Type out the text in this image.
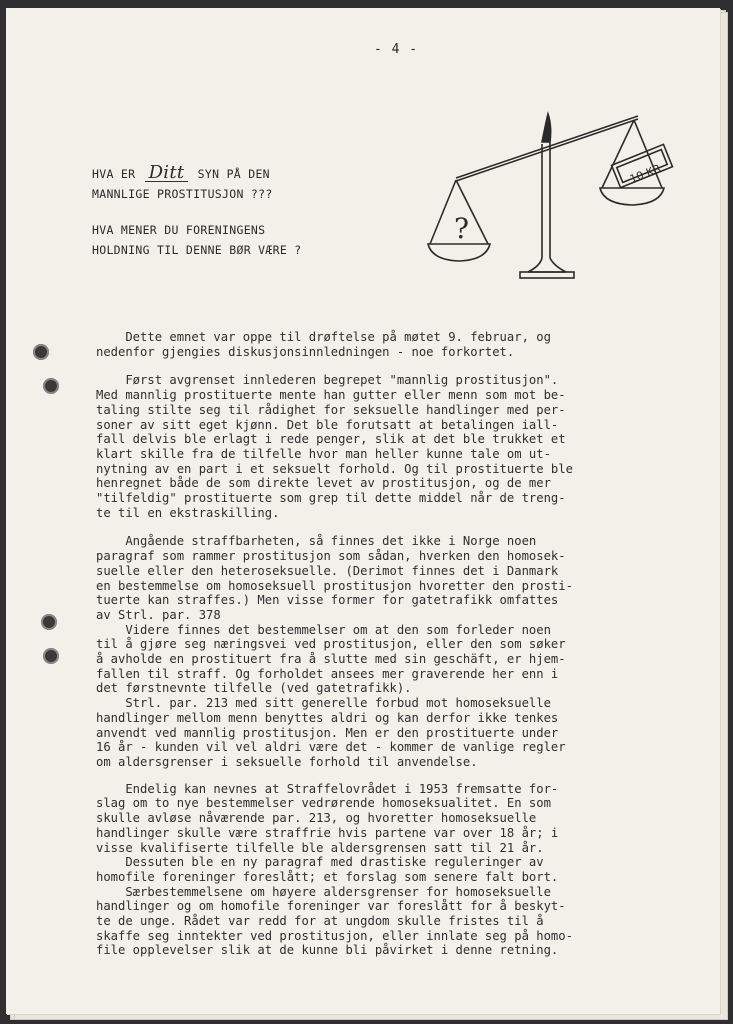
- 4 -
HVA ER Ditt SYN PÅ DEN
MANNLIGE PROSTITUSJON ???
HVA MENER DU FORENINGENS
HOLDNING TIL DENNE BØR VÆRE ?
?
10 KR

Dette emnet var oppe til drøftelse på møtet 9. februar, og
nedenfor gjengies diskusjonsinnledningen - noe forkortet.

Først avgrenset innlederen begrepet "mannlig prostitusjon".
Med mannlig prostituerte mente han gutter eller menn som mot be-
taling stilte seg til rådighet for seksuelle handlinger med per-
soner av sitt eget kjønn. Det ble forutsatt at betalingen iall-
fall delvis ble erlagt i rede penger, slik at det ble trukket et
klart skille fra de tilfelle hvor man heller kunne tale om ut-
nytning av en part i et seksuelt forhold. Og til prostituerte ble
henregnet både de som direkte levet av prostitusjon, og de mer
"tilfeldig" prostituerte som grep til dette middel når de treng-
te til en ekstraskilling.

Angående straffbarheten, så finnes det ikke i Norge noen
paragraf som rammer prostitusjon som sådan, hverken den homosek-
suelle eller den heteroseksuelle. (Derimot finnes det i Danmark
en bestemmelse om homoseksuell prostitusjon hvoretter den prosti-
tuerte kan straffes.) Men visse former for gatetrafikk omfattes
av Strl. par. 378
Videre finnes det bestemmelser om at den som forleder noen
til å gjøre seg næringsvei ved prostitusjon, eller den som søker
å avholde en prostituert fra å slutte med sin geschäft, er hjem-
fallen til straff. Og forholdet ansees mer graverende her enn i
det førstnevnte tilfelle (ved gatetrafikk).
Strl. par. 213 med sitt generelle forbud mot homoseksuelle
handlinger mellom menn benyttes aldri og kan derfor ikke tenkes
anvendt ved mannlig prostitusjon. Men er den prostituerte under
16 år - kunden vil vel aldri være det - kommer de vanlige regler
om aldersgrenser i seksuelle forhold til anvendelse.

Endelig kan nevnes at Straffelovrådet i 1953 fremsatte for-
slag om to nye bestemmelser vedrørende homoseksualitet. En som
skulle avløse nåværende par. 213, og hvoretter homoseksuelle
handlinger skulle være straffrie hvis partene var over 18 år; i
visse kvalifiserte tilfelle ble aldersgrensen satt til 21 år.
Dessuten ble en ny paragraf med drastiske reguleringer av
homofile foreninger foreslått; et forslag som senere falt bort.
Særbestemmelsene om høyere aldersgrenser for homoseksuelle
handlinger og om homofile foreninger var foreslått for å beskyt-
te de unge. Rådet var redd for at ungdom skulle fristes til å
skaffe seg inntekter ved prostitusjon, eller innlate seg på homo-
file opplevelser slik at de kunne bli påvirket i denne retning.
